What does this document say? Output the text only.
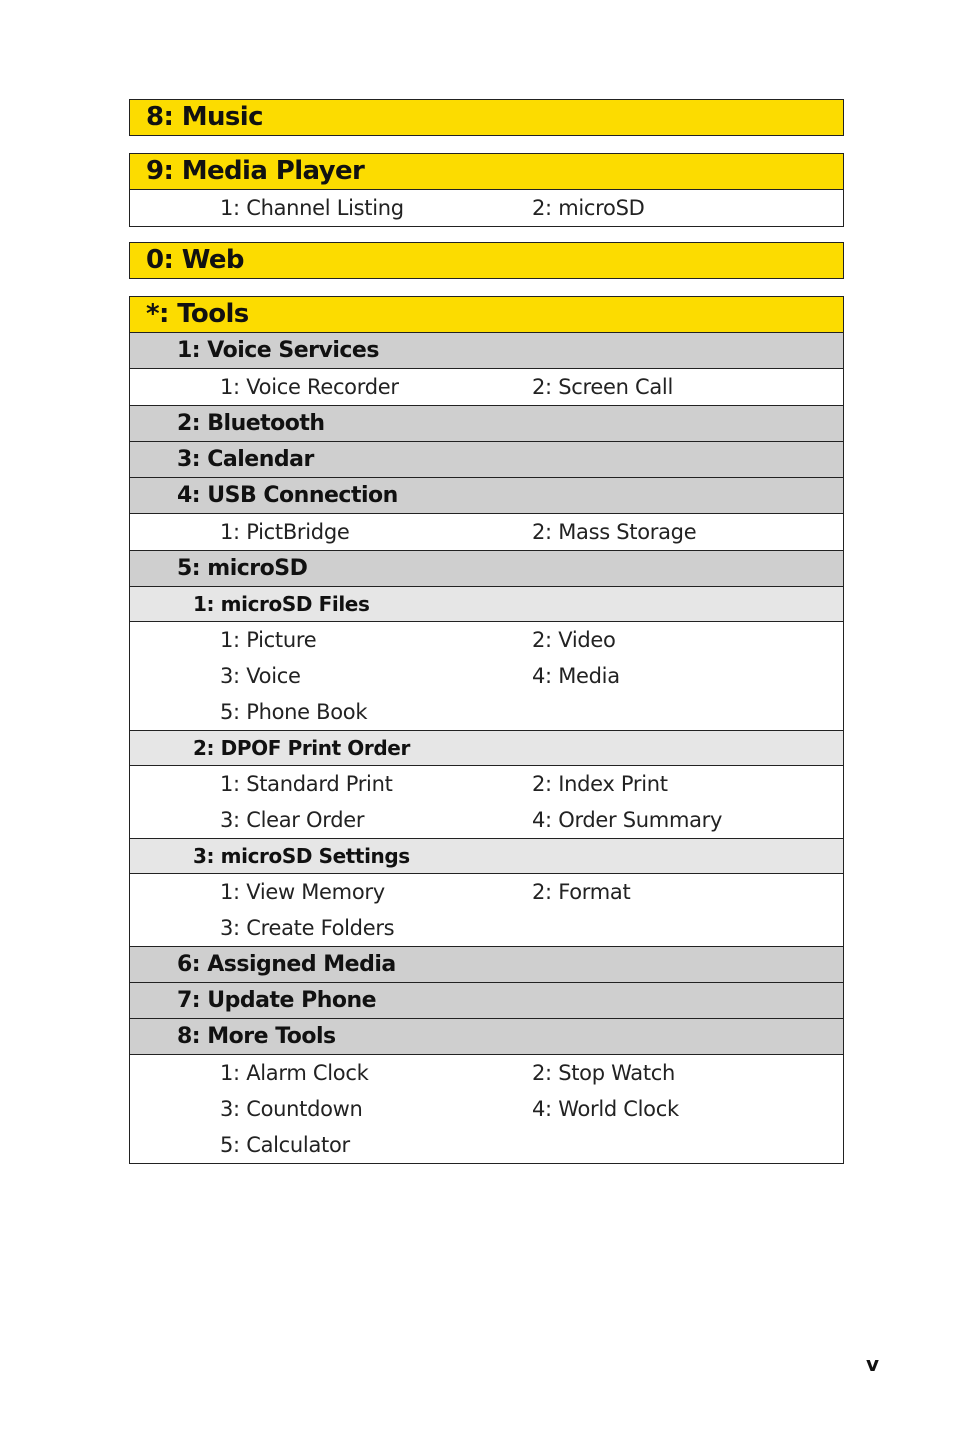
8: Music
9: Media Player
1: Channel Listing	2: microSD
0: Web
*: Tools
1: Voice Services
1: Voice Recorder	2: Screen Call
2: Bluetooth
3: Calendar
4: USB Connection
1: PictBridge	2: Mass Storage
5: microSD
1: microSD Files
1: Picture	2: Video
3: Voice	4: Media
5: Phone Book
2: DPOF Print Order
1: Standard Print	2: Index Print
3: Clear Order	4: Order Summary
3: microSD Settings
1: View Memory	2: Format
3: Create Folders
6: Assigned Media
7: Update Phone
8: More Tools
1: Alarm Clock	2: Stop Watch
3: Countdown	4: World Clock
5: Calculator
v
